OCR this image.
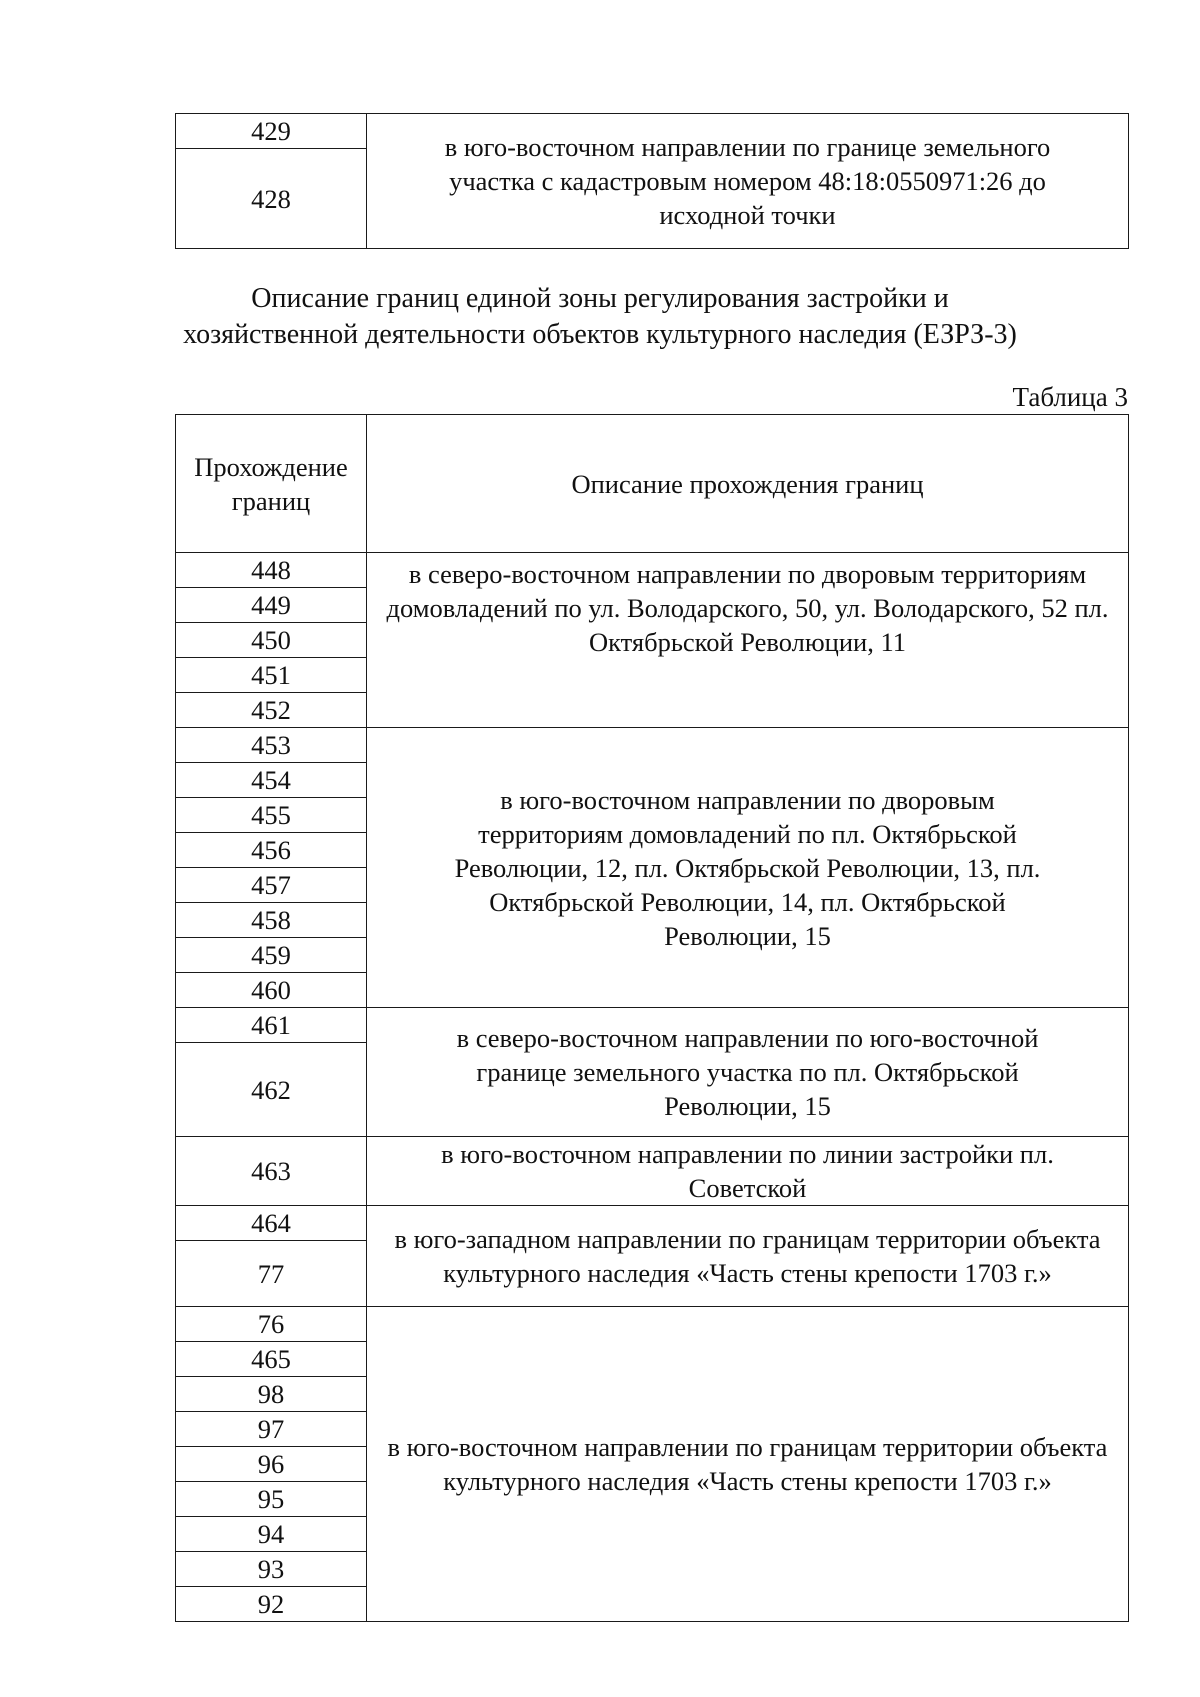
429	в юго-восточном направлении по границе земельного участка с кадастровым номером 48:18:0550971:26 до исходной точки
428
Описание границ единой зоны регулирования застройки и
хозяйственной деятельности объектов культурного наследия (ЕЗРЗ-3)
Таблица 3
Прохождение границ	Описание прохождения границ
448	в северо-восточном направлении по дворовым территориям домовладений по ул. Володарского, 50, ул. Володарского, 52 пл. Октябрьской Революции, 11
449	
450	
451	
452	
453	в юго-восточном направлении по дворовым территориям домовладений по пл. Октябрьской Революции, 12, пл. Октябрьской Революции, 13, пл. Октябрьской Революции, 14, пл. Октябрьской Революции, 15
454	
455	
456	
457	
458	
459	
460	
461	в северо-восточном направлении по юго-восточной границе земельного участка по пл. Октябрьской Революции, 15
462	
463	в юго-восточном направлении по линии застройки пл. Советской
464	в юго-западном направлении по границам территории объекта культурного наследия «Часть стены крепости 1703 г.»
77	
76	в юго-восточном направлении по границам территории объекта культурного наследия «Часть стены крепости 1703 г.»
465	
98	
97	
96	
95	
94	
93	
92	
